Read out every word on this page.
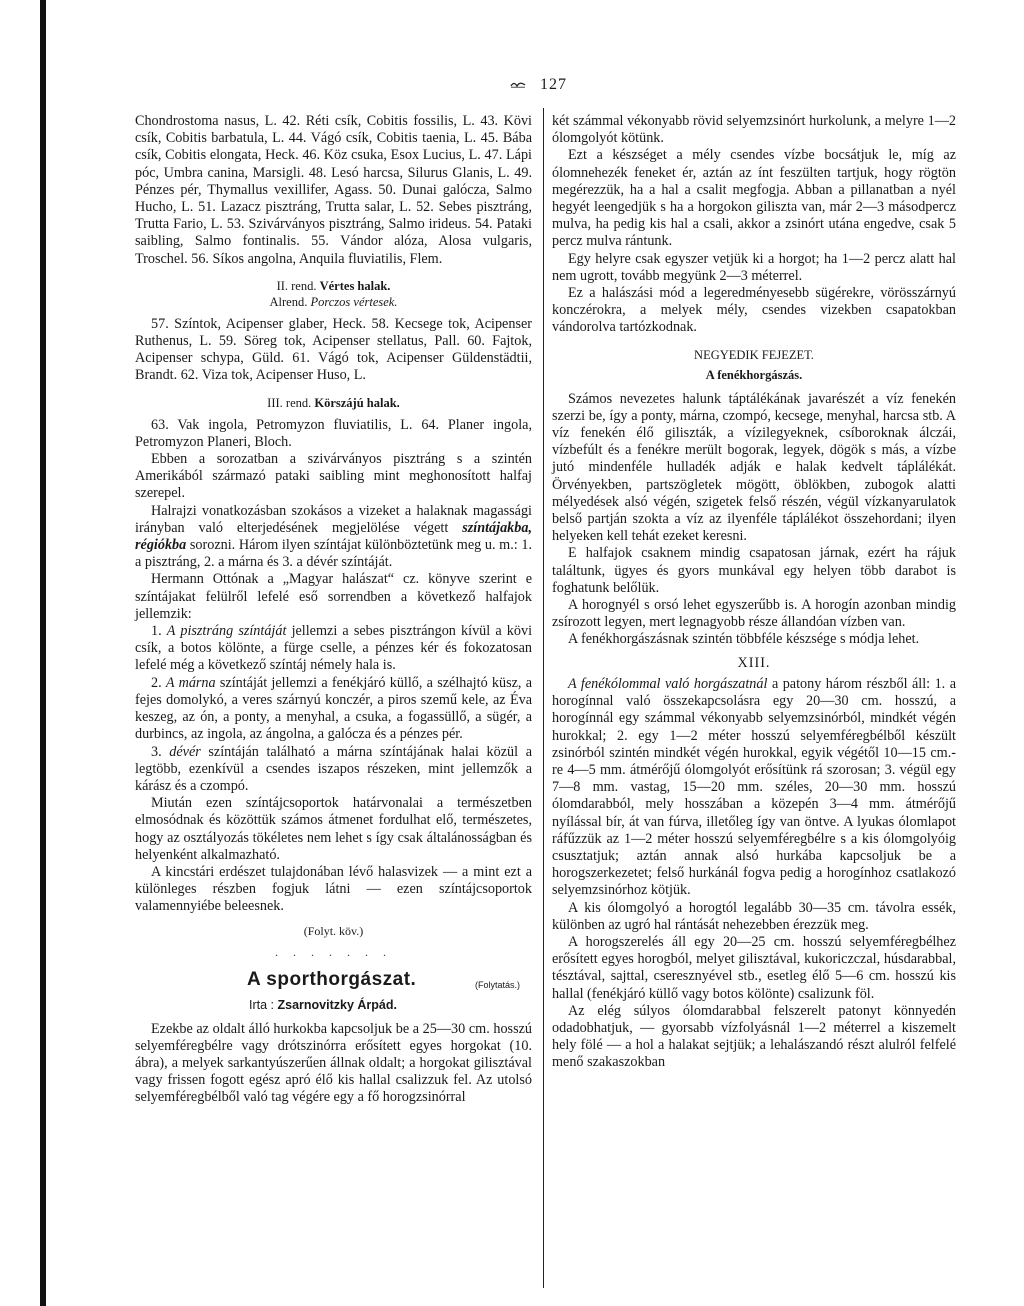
127

Chondrostoma nasus, L. 42. Réti csík, Cobitis fossilis, L. 43. Kövi csík, Cobitis barbatula, L. 44. Vágó csík, Cobitis taenia, L. 45. Bába csík, Cobitis elongata, Heck. 46. Köz csuka, Esox Lucius, L. 47. Lápi póc, Umbra canina, Marsigli. 48. Lesó harcsa, Silurus Glanis, L. 49. Pénzes pér, Thymallus vexillifer, Agass. 50. Dunai galócza, Salmo Hucho, L. 51. Lazacz pisztráng, Trutta salar, L. 52. Sebes pisztráng, Trutta Fario, L. 53. Szivárványos pisztráng, Salmo irideus. 54. Pataki saibling, Salmo fontinalis. 55. Vándor alóza, Alosa vulgaris, Troschel. 56. Síkos angolna, Anquila fluviatilis, Flem.

II. rend. Vértes halak.

Alrend. Porczos vértesek.

57. Színtok, Acipenser glaber, Heck. 58. Kecsege tok, Acipenser Ruthenus, L. 59. Söreg tok, Acipenser stellatus, Pall. 60. Fajtok, Acipenser schypa, Güld. 61. Vágó tok, Acipenser Güldenstädtii, Brandt. 62. Viza tok, Acipenser Huso, L.

III. rend. Körszájú halak.

63. Vak ingola, Petromyzon fluviatilis, L. 64. Planer ingola, Petromyzon Planeri, Bloch.

Ebben a sorozatban a szivárványos pisztráng s a szintén Amerikából származó pataki saibling mint meghonosított halfaj szerepel.

Halrajzi vonatkozásban szokásos a vizeket a halaknak magassági irányban való elterjedésének megjelölése végett színtájakba, régiókba sorozni. Három ilyen színtájat különböztetünk meg u. m.: 1. a pisztráng, 2. a márna és 3. a dévér színtáját.

Hermann Ottónak a „Magyar halászat“ cz. könyve szerint e színtájakat felülről lefelé eső sorrendben a következő halfajok jellemzik:

1. A pisztráng színtáját jellemzi a sebes pisztrángon kívül a kövi csík, a botos kölönte, a fürge cselle, a pénzes kér és fokozatosan lefelé még a következő színtáj némely hala is.

2. A márna színtáját jellemzi a fenékjáró küllő, a szélhajtó küsz, a fejes domolykó, a veres szárnyú konczér, a piros szemű kele, az Éva keszeg, az ón, a ponty, a menyhal, a csuka, a fogassüllő, a sügér, a durbincs, az ingola, az ángolna, a galócza és a pénzes pér.

3. dévér színtáján található a márna színtájának halai közül a legtöbb, ezenkívül a csendes iszapos részeken, mint jellemzők a kárász és a czompó.

Miután ezen színtájcsoportok határvonalai a természetben elmosódnak és közöttük számos átmenet fordulhat elő, természetes, hogy az osztályozás tökéletes nem lehet s így csak általánosságban és helyenként alkalmazható.

A kincstári erdészet tulajdonában lévő halasvizek — a mint ezt a különleges részben fogjuk látni — ezen színtájcsoportok valamennyiébe beleesnek.

(Folyt. köv.)

. . . . . . .

A sporthorgászat.	(Folytatás.)
Irta : Zsarnovitzky Árpád.

Ezekbe az oldalt álló hurkokba kapcsoljuk be a 25—30 cm. hosszú selyemféregbélre vagy drótszinórra erősített egyes horgokat (10. ábra), a melyek sarkantyúszerűen állnak oldalt; a horgokat gilisztával vagy frissen fogott egész apró élő kis hallal csalizzuk fel. Az utolsó selyemféregbélből való tag végére egy a fő horogzsinórral

két számmal vékonyabb rövid selyemzsinórt hurkolunk, a melyre 1—2 ólomgolyót kötünk.

Ezt a készséget a mély csendes vízbe bocsátjuk le, míg az ólomnehezék feneket ér, aztán az ínt feszülten tartjuk, hogy rögtön megérezzük, ha a hal a csalit megfogja. Abban a pillanatban a nyél hegyét leengedjük s ha a horgokon giliszta van, már 2—3 másodpercz mulva, ha pedig kis hal a csali, akkor a zsinórt utána engedve, csak 5 percz mulva rántunk.

Egy helyre csak egyszer vetjük ki a horgot; ha 1—2 percz alatt hal nem ugrott, tovább megyünk 2—3 méterrel.

Ez a halászási mód a legeredményesebb sügérekre, vörösszárnyú konczérokra, a melyek mély, csendes vizekben csapatokban vándorolva tartózkodnak.

NEGYEDIK FEJEZET.

A fenékhorgászás.

Számos nevezetes halunk táptálékának javarészét a víz fenekén szerzi be, így a ponty, márna, czompó, kecsege, menyhal, harcsa stb. A víz fenekén élő giliszták, a vízilegyeknek, csíboroknak álczái, vízbefúlt és a fenékre merült bogorak, legyek, dögök s más, a vízbe jutó mindenféle hulladék adják e halak kedvelt táplálékát. Örvényekben, partszögletek mögött, öblökben, zubogok alatti mélyedések alsó végén, szigetek felső részén, végül vízkanyarulatok belső partján szokta a víz az ilyenféle táplálékot összehordani; ilyen helyeken kell tehát ezeket keresni.

E halfajok csaknem mindig csapatosan járnak, ezért ha rájuk találtunk, ügyes és gyors munkával egy helyen több darabot is foghatunk belőlük.

A horognyél s orsó lehet egyszerűbb is. A horogín azonban mindig zsírozott legyen, mert legnagyobb része állandóan vízben van.

A fenékhorgászásnak szintén többféle készsége s módja lehet.

XIII.

A fenékólommal való horgászatnál a patony három részből áll: 1. a horogínnal való összekapcsolásra egy 20—30 cm. hosszú, a horogínnál egy számmal vékonyabb selyemzsinórból, mindkét végén hurokkal; 2. egy 1—2 méter hosszú selyemféregbélből készült zsinórból szintén mindkét végén hurokkal, egyik végétől 10—15 cm.-re 4—5 mm. átmérőjű ólomgolyót erősítünk rá szorosan; 3. végül egy 7—8 mm. vastag, 15—20 mm. széles, 20—30 mm. hosszú ólomdarabból, mely hosszában a közepén 3—4 mm. átmérőjű nyílással bír, át van fúrva, illetőleg így van öntve. A lyukas ólomlapot ráfűzzük az 1—2 méter hosszú selyemféregbélre s a kis ólomgolyóig csusztatjuk; aztán annak alsó hurkába kapcsoljuk be a horogszerkezetet; felső hurkánál fogva pedig a horogínhoz csatlakozó selyemzsinórhoz kötjük.

A kis ólomgolyó a horogtól legalább 30—35 cm. távolra essék, különben az ugró hal rántását nehezebben érezzük meg.

A horogszerelés áll egy 20—25 cm. hosszú selyemféregbélhez erősített egyes horogból, melyet gilisztával, kukoriczczal, húsdarabbal, tésztával, sajttal, cseresznyével stb., esetleg élő 5—6 cm. hosszú kis hallal (fenékjáró küllő vagy botos kölönte) csalizunk föl.

Az elég súlyos ólomdarabbal felszerelt patonyt könnyedén odadobhatjuk, — gyorsabb vízfolyásnál 1—2 méterrel a kiszemelt hely fölé — a hol a halakat sejtjük; a lehalászandó részt alulról felfelé menő szakaszokban
